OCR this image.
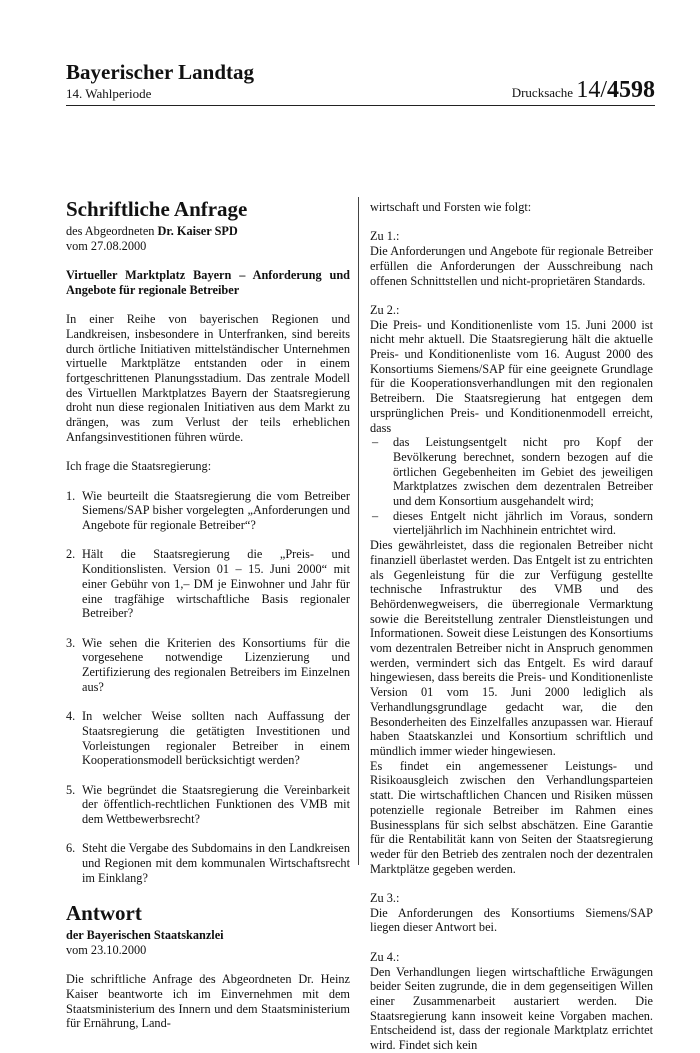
Bayerischer Landtag
14. Wahlperiode	Drucksache 14/4598
Schriftliche Anfrage

des Abgeordneten Dr. Kaiser SPD

vom 27.08.2000

Virtueller Marktplatz Bayern – Anforderung und Angebote für regionale Betreiber

In einer Reihe von bayerischen Regionen und Landkreisen, insbesondere in Unterfranken, sind bereits durch örtliche Initiativen mittelständischer Unternehmen virtuelle Marktplätze entstanden oder in einem fortgeschrittenen Planungsstadium. Das zentrale Modell des Virtuellen Marktplatzes Bayern der Staatsregierung droht nun diese regionalen Initiativen aus dem Markt zu drängen, was zum Verlust der teils erheblichen Anfangsinvestitionen führen würde.

Ich frage die Staatsregierung:

1. Wie beurteilt die Staatsregierung die vom Betreiber Siemens/SAP bisher vorgelegten „Anforderungen und Angebote für regionale Betreiber“?
2. Hält die Staatsregierung die „Preis- und Konditionslisten. Version 01 – 15. Juni 2000“ mit einer Gebühr von 1,– DM je Einwohner und Jahr für eine tragfähige wirtschaftliche Basis regionaler Betreiber?
3. Wie sehen die Kriterien des Konsortiums für die vorgesehene notwendige Lizenzierung und Zertifizierung des regionalen Betreibers im Einzelnen aus?
4. In welcher Weise sollten nach Auffassung der Staatsregierung die getätigten Investitionen und Vorleistungen regionaler Betreiber in einem Kooperationsmodell berücksichtigt werden?
5. Wie begründet die Staatsregierung die Vereinbarkeit der öffentlich-rechtlichen Funktionen des VMB mit dem Wettbewerbsrecht?
6. Steht die Vergabe des Subdomains in den Landkreisen und Regionen mit dem kommunalen Wirtschaftsrecht im Einklang?
Antwort

der Bayerischen Staatskanzlei

vom 23.10.2000

Die schriftliche Anfrage des Abgeordneten Dr. Heinz Kaiser beantworte ich im Einvernehmen mit dem Staatsministerium des Innern und dem Staatsministerium für Ernährung, Land-

wirtschaft und Forsten wie folgt:

Zu 1.:

Die Anforderungen und Angebote für regionale Betreiber erfüllen die Anforderungen der Ausschreibung nach offenen Schnittstellen und nicht-proprietären Standards.

Zu 2.:

Die Preis- und Konditionenliste vom 15. Juni 2000 ist nicht mehr aktuell. Die Staatsregierung hält die aktuelle Preis- und Konditionenliste vom 16. August 2000 des Konsortiums Siemens/SAP für eine geeignete Grundlage für die Kooperationsverhandlungen mit den regionalen Betreibern. Die Staatsregierung hat entgegen dem ursprünglichen Preis- und Konditionenmodell erreicht, dass

–	das Leistungsentgelt nicht pro Kopf der Bevölkerung berechnet, sondern bezogen auf die örtlichen Gegebenheiten im Gebiet des jeweiligen Marktplatzes zwischen dem dezentralen Betreiber und dem Konsortium ausgehandelt wird;
–	dieses Entgelt nicht jährlich im Voraus, sondern vierteljährlich im Nachhinein entrichtet wird.

Dies gewährleistet, dass die regionalen Betreiber nicht finanziell überlastet werden. Das Entgelt ist zu entrichten als Gegenleistung für die zur Verfügung gestellte technische Infrastruktur des VMB und des Behördenwegweisers, die überregionale Vermarktung sowie die Bereitstellung zentraler Dienstleistungen und Informationen. Soweit diese Leistungen des Konsortiums vom dezentralen Betreiber nicht in Anspruch genommen werden, vermindert sich das Entgelt. Es wird darauf hingewiesen, dass bereits die Preis- und Konditionenliste Version 01 vom 15. Juni 2000 lediglich als Verhandlungsgrundlage gedacht war, die den Besonderheiten des Einzelfalles anzupassen war. Hierauf haben Staatskanzlei und Konsortium schriftlich und mündlich immer wieder hingewiesen.

Es findet ein angemessener Leistungs- und Risikoausgleich zwischen den Verhandlungsparteien statt. Die wirtschaftlichen Chancen und Risiken müssen potenzielle regionale Betreiber im Rahmen eines Businessplans für sich selbst abschätzen. Eine Garantie für die Rentabilität kann von Seiten der Staatsregierung weder für den Betrieb des zentralen noch der dezentralen Marktplätze gegeben werden.

Zu 3.:

Die Anforderungen des Konsortiums Siemens/SAP liegen dieser Antwort bei.

Zu 4.:

Den Verhandlungen liegen wirtschaftliche Erwägungen beider Seiten zugrunde, die in dem gegenseitigen Willen einer Zusammenarbeit austariert werden. Die Staatsregierung kann insoweit keine Vorgaben machen. Entscheidend ist, dass der regionale Marktplatz errichtet wird. Findet sich kein
